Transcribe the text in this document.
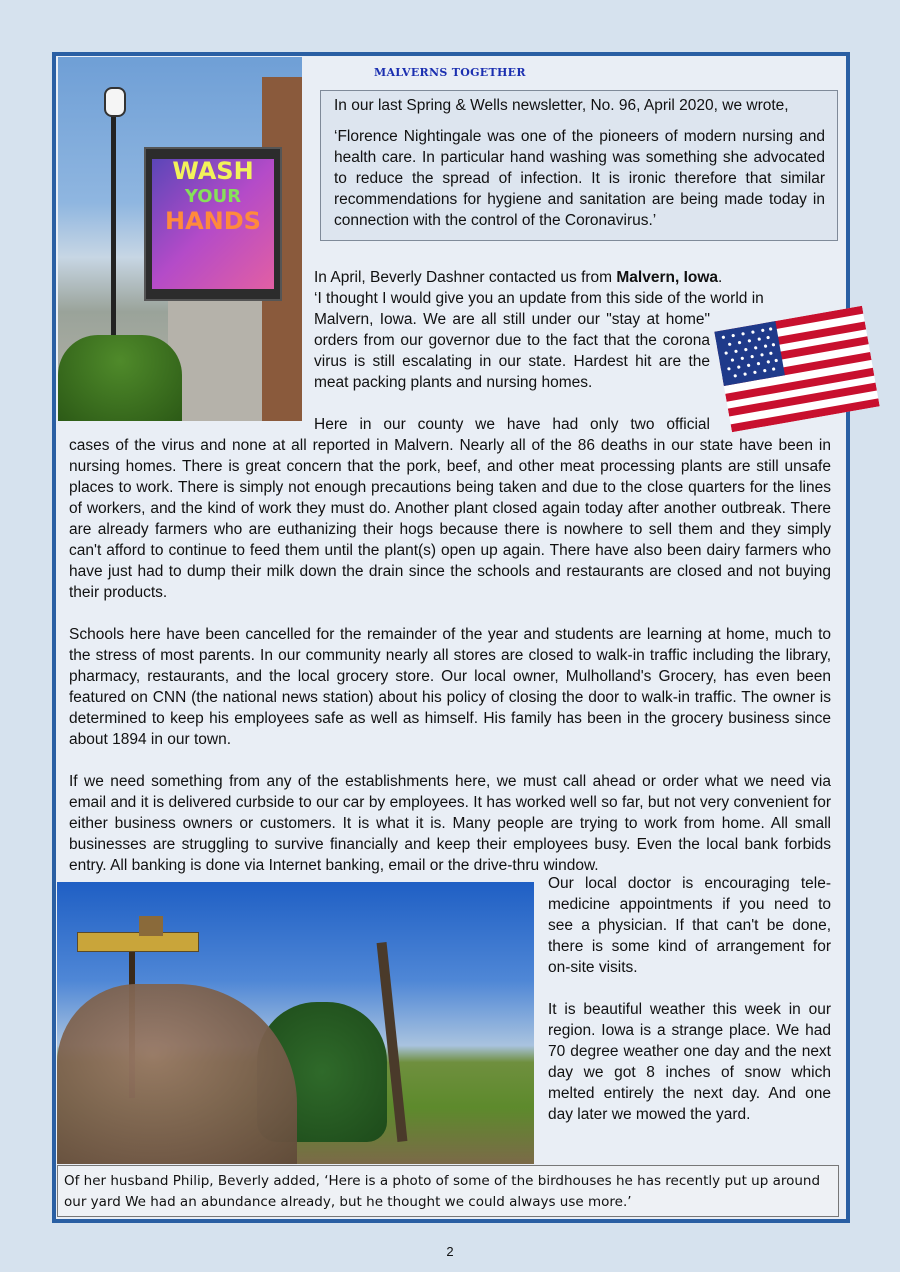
WASH
YOUR
HANDS
MALVERNS TOGETHER

In our last Spring & Wells newsletter, No. 96, April 2020, we wrote,

‘Florence Nightingale was one of the pioneers of modern nursing and health care. In particular hand washing was something she advocated to reduce the spread of infection. It is ironic therefore that similar recommendations for hygiene and sanitation are being made today in connection with the control of the Coronavirus.’

In April, Beverly Dashner contacted us from Malvern, Iowa.
‘I thought I would give you an update from this side of the world in
Malvern, Iowa. We are all still under our "stay at home" orders from our governor due to the fact that the corona virus is still escalating in our state. Hardest hit are the meat packing plants and nursing homes.
Here in our county we have had only two official

cases of the virus and none at all reported in Malvern. Nearly all of the 86 deaths in our state have been in nursing homes. There is great concern that the pork, beef, and other meat processing plants are still unsafe places to work. There is simply not enough precautions being taken and due to the close quarters for the lines of workers, and the kind of work they must do. Another plant closed again today after another outbreak. There are already farmers who are euthanizing their hogs because there is nowhere to sell them and they simply can't afford to continue to feed them until the plant(s) open up again. There have also been dairy farmers who have just had to dump their milk down the drain since the schools and restaurants are closed and not buying their products.

Schools here have been cancelled for the remainder of the year and students are learning at home, much to the stress of most parents. In our community nearly all stores are closed to walk-in traffic including the library, pharmacy, restaurants, and the local grocery store. Our local owner, Mulholland's Grocery, has even been featured on CNN (the national news station) about his policy of closing the door to walk-in traffic. The owner is determined to keep his employees safe as well as himself. His family has been in the grocery business since about 1894 in our town.

If we need something from any of the establishments here, we must call ahead or order what we need via email and it is delivered curbside to our car by employees. It has worked well so far, but not very convenient for either business owners or customers. It is what it is. Many people are trying to work from home. All small businesses are struggling to survive financially and keep their employees busy. Even the local bank forbids entry. All banking is done via Internet banking, email or the drive-thru window.

Our local doctor is encouraging tele-medicine appointments if you need to see a physician. If that can't be done, there is some kind of arrangement for on-site visits.

It is beautiful weather this week in our region. Iowa is a strange place. We had 70 degree weather one day and the next day we got 8 inches of snow which melted entirely the next day. And one day later we mowed the yard.

Of her husband Philip, Beverly added, ‘Here is a photo of some of the birdhouses he has recently put up around our yard We had an abundance already, but he thought we could always use more.’
2
